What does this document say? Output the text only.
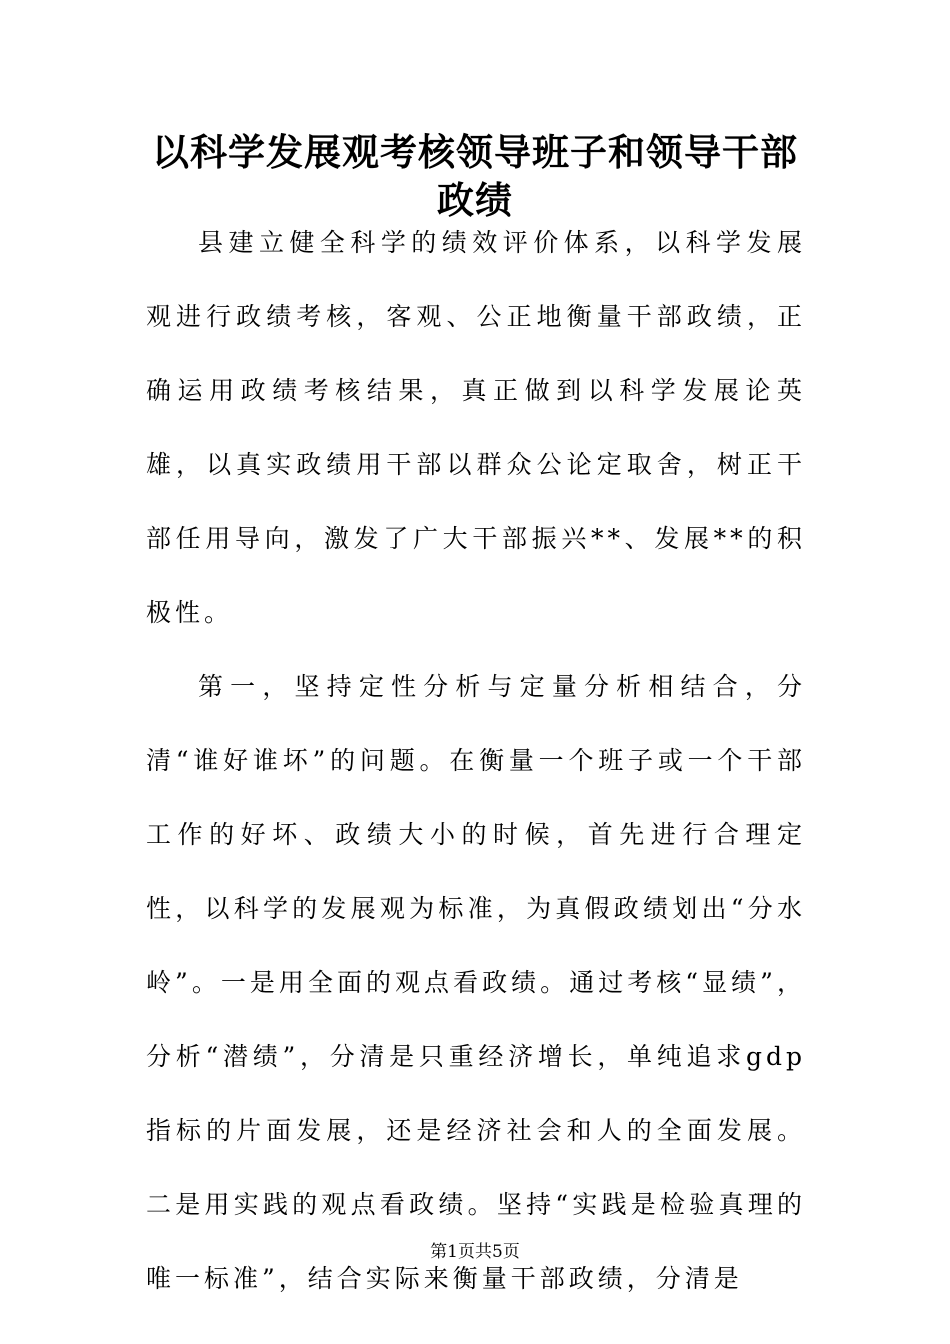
以科学发展观考核领导班子和领导干部政绩

县建立健全科学的绩效评价体系，以科学发展观进行政绩考核，客观、公正地衡量干部政绩，正确运用政绩考核结果，真正做到以科学发展论英雄，以真实政绩用干部以群众公论定取舍，树正干部任用导向，激发了广大干部振兴**、发展**的积极性。

第一，坚持定性分析与定量分析相结合，分清“谁好谁坏”的问题。在衡量一个班子或一个干部工作的好坏、政绩大小的时候，首先进行合理定性，以科学的发展观为标准，为真假政绩划出“分水岭”。一是用全面的观点看政绩。通过考核“显绩”，分析“潜绩”，分清是只重经济增长，单纯追求gdp指标的片面发展，还是经济社会和人的全面发展。二是用实践的观点看政绩。坚持“实践是检验真理的唯一标准”，结合实际来衡量干部政绩，分清是

第1页共5页
